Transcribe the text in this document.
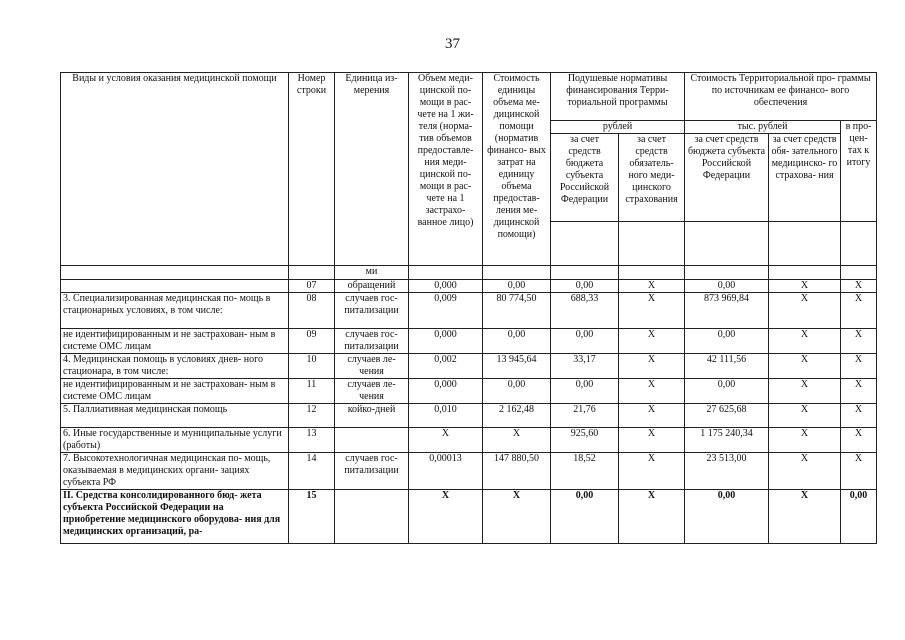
37
Виды и условия оказания медицинской помощи	Номер строки	Единица из- мерения	Объем меди- цинской по- мощи в рас- чете на 1 жи- теля (норма- тив объемов предоставле- ния меди- цинской по- мощи в рас- чете на 1 застрахо- ванное лицо)	Стоимость единицы объема ме- дицинской помощи (норматив финансо- вых затрат на единицу объема предостав- ления ме- дицинской помощи)	Подушевые нормативы финансирования Терри- ториальной программы		Стоимость Территориальной про- граммы по источникам ее финансо- вого обеспечения		
					рублей		тыс. рублей		в про- цен- тах к итогу
					за счет средств бюджета субъекта Российской Федерации	за счет средств обязатель- ного меди- цинского страхования	за счет средств бюджета субъекта Российской Федерации	за счет средств обя- зательного медицинско- го страхова- ния	

		ми							
	07	обращений	0,000	0,00	0,00	X	0,00	X	X
3. Специализированная медицинская по- мощь в стационарных условиях, в том числе:	08	случаев гос- питализации	0,009	80 774,50	688,33	X	873 969,84	X	X
не идентифицированным и не застрахован- ным в системе ОМС лицам	09	случаев гос- питализации	0,000	0,00	0,00	X	0,00	X	X
4. Медицинская помощь в условиях днев- ного стационара, в том числе:	10	случаев ле- чения	0,002	13 945,64	33,17	X	42 111,56	X	X
не идентифицированным и не застрахован- ным в системе ОМС лицам	11	случаев ле- чения	0,000	0,00	0,00	X	0,00	X	X
5. Паллиативная медицинская помощь	12	койко-дней	0,010	2 162,48	21,76	X	27 625,68	X	X
6. Иные государственные и муниципальные услуги (работы)	13		X	X	925,60	X	1 175 240,34	X	X
7. Высокотехнологичная медицинская по- мощь, оказываемая в медицинских органи- зациях субъекта РФ	14	случаев гос- питализации	0,00013	147 880,50	18,52	X	23 513,00	X	X
II. Средства консолидированного бюд- жета субъекта Российской Федерации на приобретение медицинского оборудова- ния для медицинских организаций, ра-	15		X	X	0,00	X	0,00	X	0,00
